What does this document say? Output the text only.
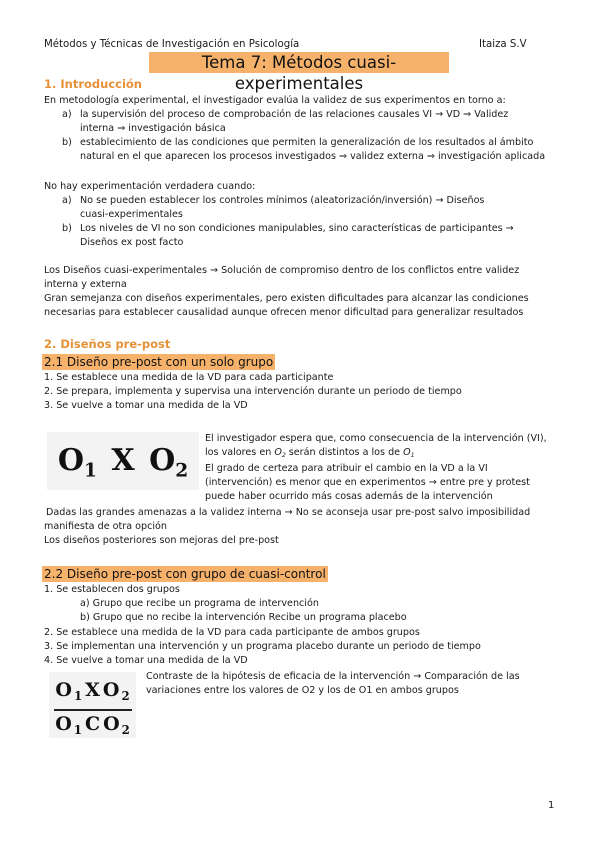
Métodos y Técnicas de Investigación en Psicología	Itaiza S.V
Tema 7: Métodos cuasi-experimentales
1. Introducción
En metodología experimental, el investigador evalúa la validez de sus experimentos en torno a:
a) la supervisión del proceso de comprobación de las relaciones causales VI → VD ⇒ Validez
interna ⇒ investigación básica
b) establecimiento de las condiciones que permiten la generalización de los resultados al ámbito
natural en el que aparecen los procesos investigados ⇒ validez externa ⇒ investigación aplicada
No hay experimentación verdadera cuando:
a) No se pueden establecer los controles mínimos (aleatorización/inversión) → Diseños
cuasi-experimentales
b) Los niveles de VI no son condiciones manipulables, sino características de participantes →
Diseños ex post facto
Los Diseños cuasi-experimentales → Solución de compromiso dentro de los conflictos entre validez
interna y externa
Gran semejanza con diseños experimentales, pero existen dificultades para alcanzar las condiciones
necesarias para establecer causalidad aunque ofrecen menor dificultad para generalizar resultados
2. Diseños pre-post
2.1 Diseño pre-post con un solo grupo
1. Se establece una medida de la VD para cada participante
2. Se prepara, implementa y supervisa una intervención durante un periodo de tiempo
3. Se vuelve a tomar una medida de la VD
$O_1$ X $O_2$
El investigador espera que, como consecuencia de la intervención (VI),
los valores en $O_2$ serán distintos a los de $O_1$
El grado de certeza para atribuir el cambio en la VD a la VI
(intervención) es menor que en experimentos → entre pre y protest
puede haber ocurrido más cosas además de la intervención
Dadas las grandes amenazas a la validez interna → No se aconseja usar pre-post salvo imposibilidad
manifiesta de otra opción
Los diseños posteriores son mejoras del pre-post
2.2 Diseño pre-post con grupo de cuasi-control
1. Se establecen dos grupos
a) Grupo que recibe un programa de intervención
b) Grupo que no recibe la intervención Recibe un programa placebo
2. Se establece una medida de la VD para cada participante de ambos grupos
3. Se implementan una intervención y un programa placebo durante un periodo de tiempo
4. Se vuelve a tomar una medida de la VD
O $_1$ X O $_2$
O $_1$ C O $_2$
Contraste de la hipótesis de eficacia de la intervención → Comparación de las
variaciones entre los valores de O2 y los de O1 en ambos grupos
1
